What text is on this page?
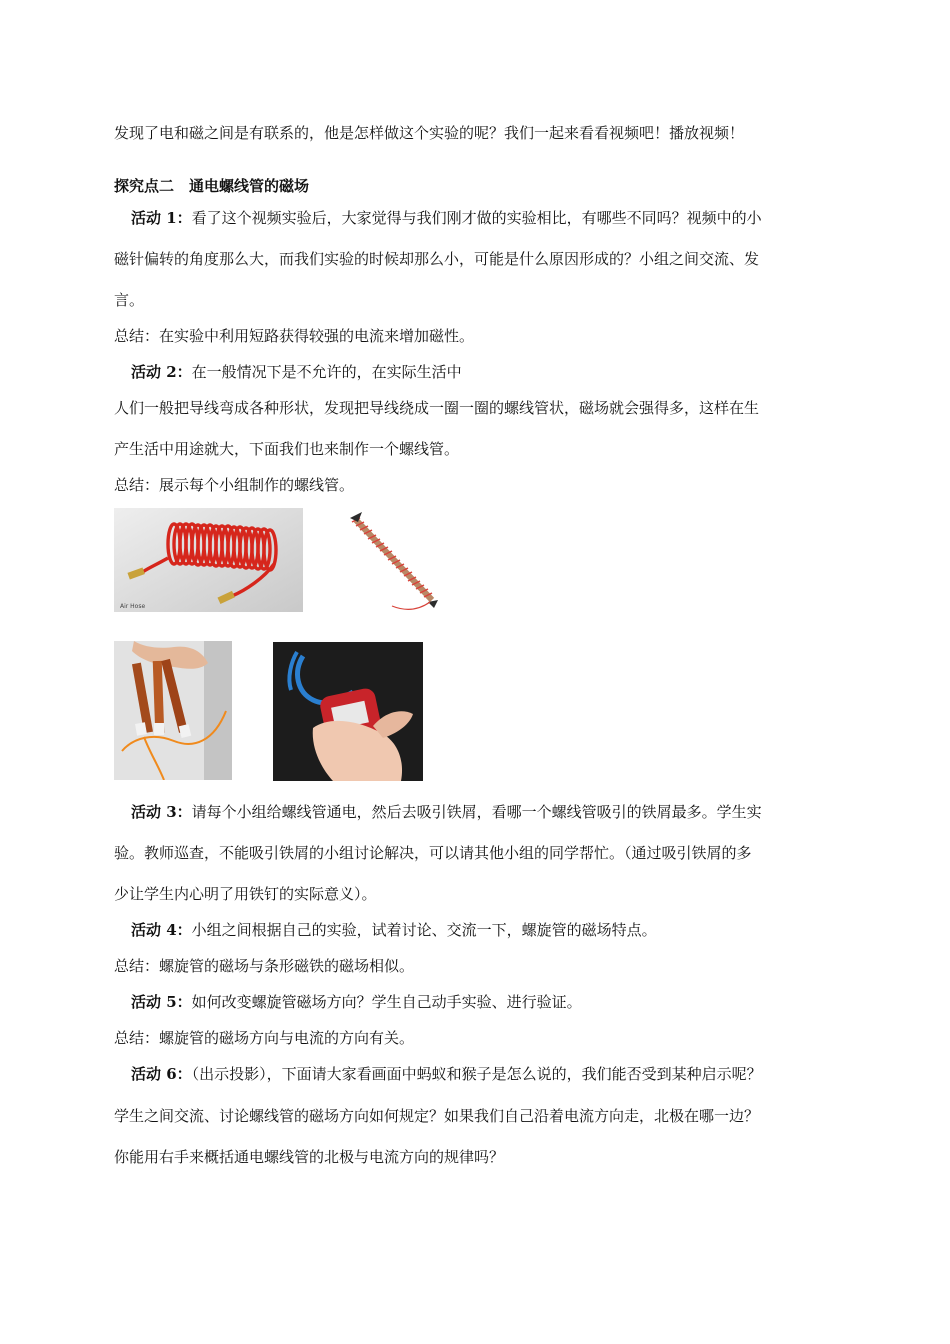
发现了电和磁之间是有联系的，他是怎样做这个实验的呢？我们一起来看看视频吧！播放视频！
探究点二　通电螺线管的磁场
活动 1：看了这个视频实验后，大家觉得与我们刚才做的实验相比，有哪些不同吗？视频中的小
磁针偏转的角度那么大，而我们实验的时候却那么小，可能是什么原因形成的？小组之间交流、发
言。
总结：在实验中利用短路获得较强的电流来增加磁性。
活动 2：在一般情况下是不允许的，在实际生活中
人们一般把导线弯成各种形状，发现把导线绕成一圈一圈的螺线管状，磁场就会强得多，这样在生
产生活中用途就大，下面我们也来制作一个螺线管。
总结：展示每个小组制作的螺线管。
Air Hose
活动 3：请每个小组给螺线管通电，然后去吸引铁屑，看哪一个螺线管吸引的铁屑最多。学生实
验。教师巡查，不能吸引铁屑的小组讨论解决，可以请其他小组的同学帮忙。（通过吸引铁屑的多
少让学生内心明了用铁钉的实际意义）。
活动 4：小组之间根据自己的实验，试着讨论、交流一下，螺旋管的磁场特点。
总结：螺旋管的磁场与条形磁铁的磁场相似。
活动 5：如何改变螺旋管磁场方向？学生自己动手实验、进行验证。
总结：螺旋管的磁场方向与电流的方向有关。
活动 6：（出示投影），下面请大家看画面中蚂蚁和猴子是怎么说的，我们能否受到某种启示呢？
学生之间交流、讨论螺线管的磁场方向如何规定？如果我们自己沿着电流方向走，北极在哪一边？
你能用右手来概括通电螺线管的北极与电流方向的规律吗？
